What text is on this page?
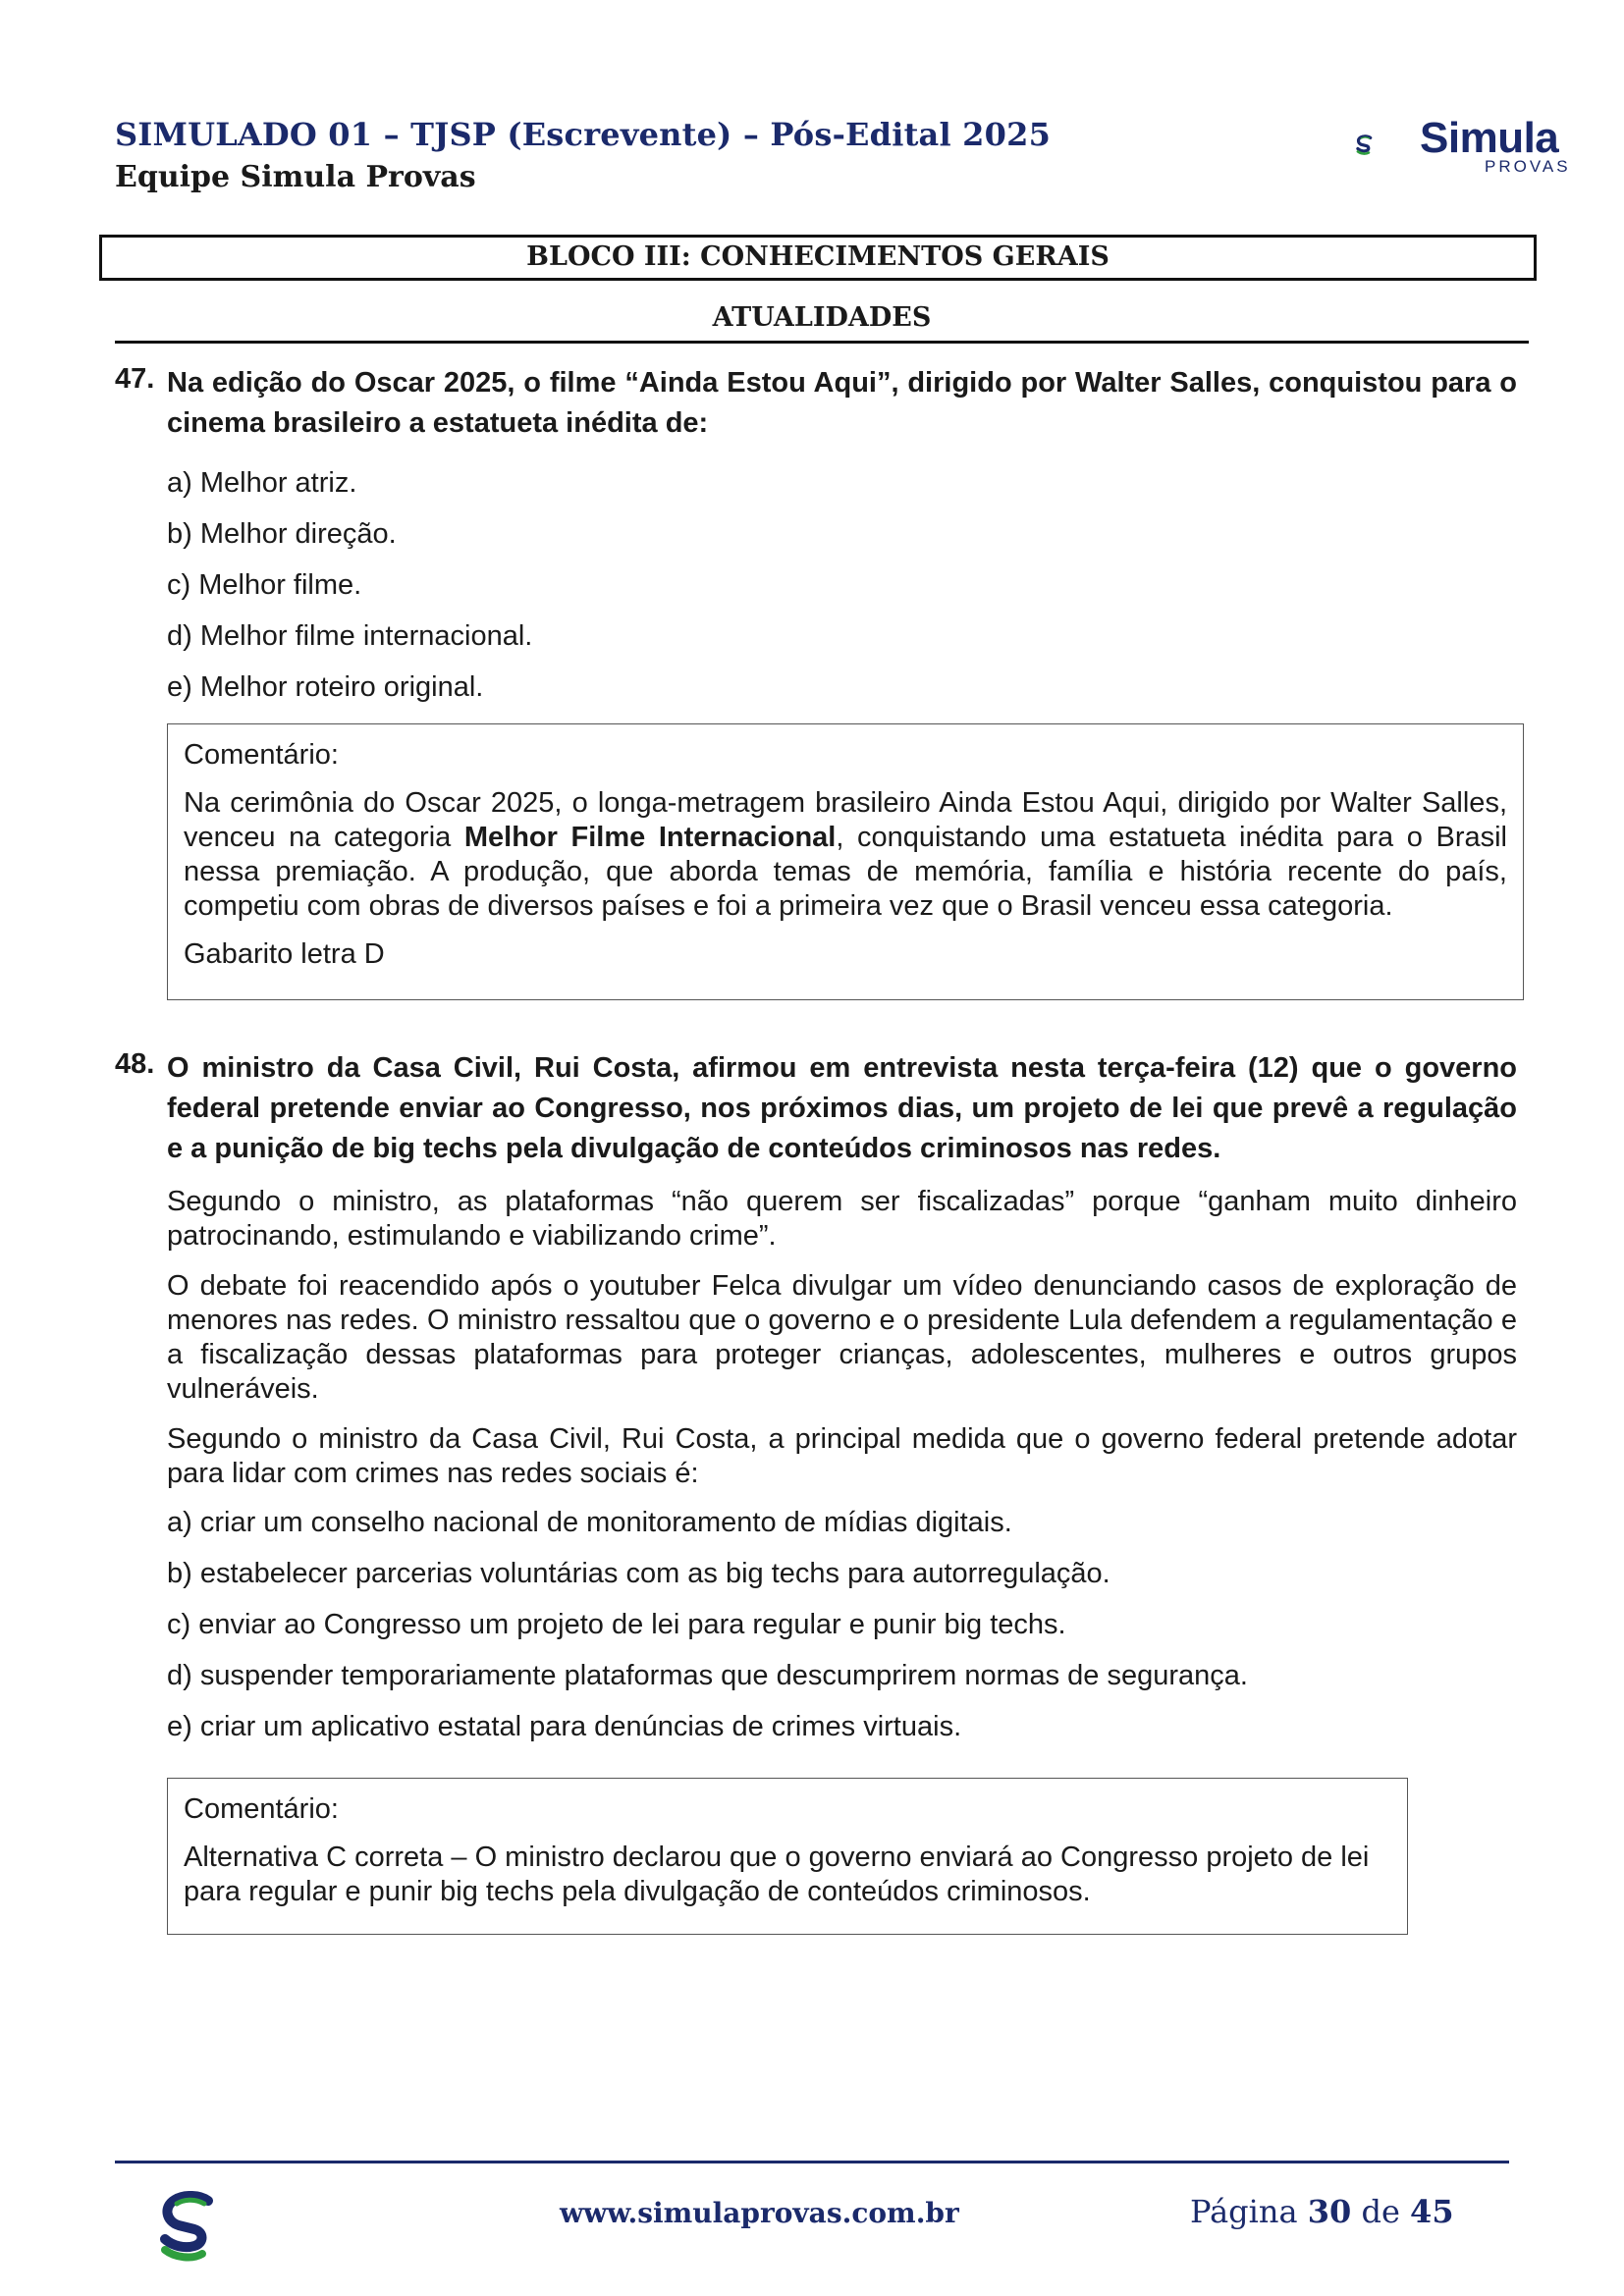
SIMULADO 01 – TJSP (Escrevente) – Pós-Edital 2025
Equipe Simula Provas
Simula
PROVAS
BLOCO III: CONHECIMENTOS GERAIS
ATUALIDADES
47. Na edição do Oscar 2025, o filme “Ainda Estou Aqui”, dirigido por Walter Salles, conquistou para o cinema brasileiro a estatueta inédita de:
a) Melhor atriz.
b) Melhor direção.
c) Melhor filme.
d) Melhor filme internacional.
e) Melhor roteiro original.

Comentário:

Na cerimônia do Oscar 2025, o longa-metragem brasileiro Ainda Estou Aqui, dirigido por Walter Salles, venceu na categoria Melhor Filme Internacional, conquistando uma estatueta inédita para o Brasil nessa premiação. A produção, que aborda temas de memória, família e história recente do país, competiu com obras de diversos países e foi a primeira vez que o Brasil venceu essa categoria.

Gabarito letra D

48. O ministro da Casa Civil, Rui Costa, afirmou em entrevista nesta terça-feira (12) que o governo federal pretende enviar ao Congresso, nos próximos dias, um projeto de lei que prevê a regulação e a punição de big techs pela divulgação de conteúdos criminosos nas redes.

Segundo o ministro, as plataformas “não querem ser fiscalizadas” porque “ganham muito dinheiro patrocinando, estimulando e viabilizando crime”.

O debate foi reacendido após o youtuber Felca divulgar um vídeo denunciando casos de exploração de menores nas redes. O ministro ressaltou que o governo e o presidente Lula defendem a regulamentação e a fiscalização dessas plataformas para proteger crianças, adolescentes, mulheres e outros grupos vulneráveis.

Segundo o ministro da Casa Civil, Rui Costa, a principal medida que o governo federal pretende adotar para lidar com crimes nas redes sociais é:

a) criar um conselho nacional de monitoramento de mídias digitais.
b) estabelecer parcerias voluntárias com as big techs para autorregulação.
c) enviar ao Congresso um projeto de lei para regular e punir big techs.
d) suspender temporariamente plataformas que descumprirem normas de segurança.
e) criar um aplicativo estatal para denúncias de crimes virtuais.

Comentário:

Alternativa C correta – O ministro declarou que o governo enviará ao Congresso projeto de lei para regular e punir big techs pela divulgação de conteúdos criminosos.

www.simulaprovas.com.br	Página 30 de 45
